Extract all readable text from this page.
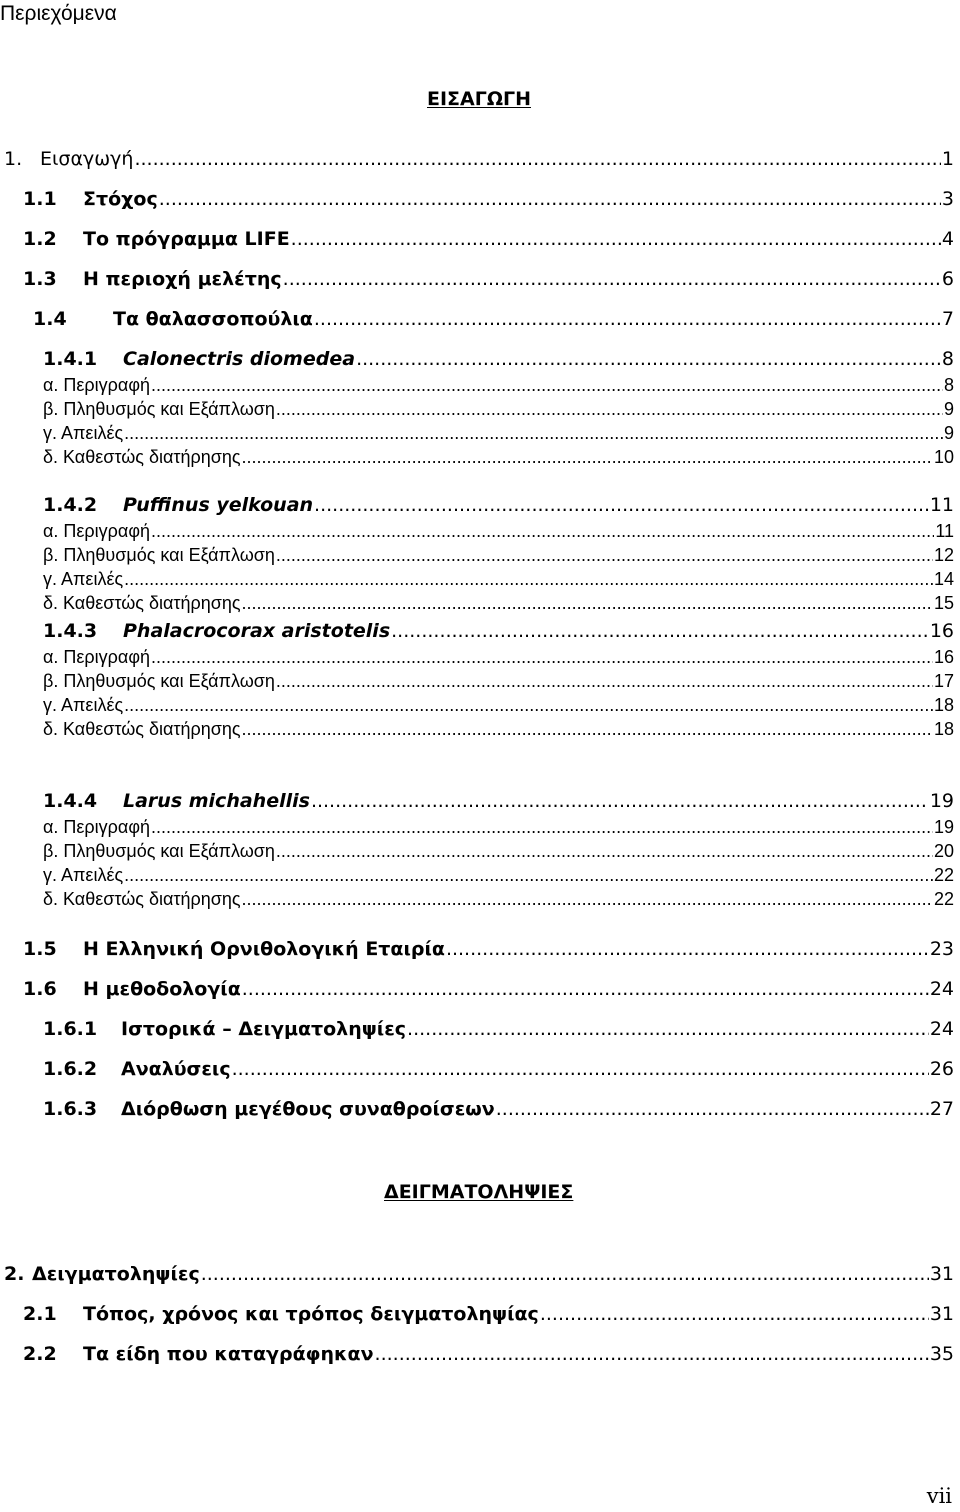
Περιεχόμενα
ΕΙΣΑΓΩΓΗ
1. Εισαγωγή .....	1
1.1	Στόχος .....	3
1.2	Το πρόγραμμα LIFE .....	4
1.3	Η περιοχή μελέτης .....	6
1.4	Τα θαλασσοπούλια .....	7
1.4.1	Calonectris diomedea .....	8
α. Περιγραφή .....	8
β. Πληθυσμός και Εξάπλωση .....	9
γ. Απειλές .....	9
δ. Καθεστώς διατήρησης .....	10
1.4.2	Puffinus yelkouan .....	11
α. Περιγραφή .....	11
β. Πληθυσμός και Εξάπλωση .....	12
γ. Απειλές .....	14
δ. Καθεστώς διατήρησης .....	15
1.4.3	Phalacrocorax aristotelis .....	16
α. Περιγραφή .....	16
β. Πληθυσμός και Εξάπλωση .....	17
γ. Απειλές .....	18
δ. Καθεστώς διατήρησης .....	18
1.4.4	Larus michahellis .....	19
α. Περιγραφή .....	19
β. Πληθυσμός και Εξάπλωση .....	20
γ. Απειλές .....	22
δ. Καθεστώς διατήρησης .....	22
1.5	Η Ελληνική Ορνιθολογική Εταιρία .....	23
1.6	Η μεθοδολογία .....	24
1.6.1	Ιστορικά – Δειγματοληψίες .....	24
1.6.2	Αναλύσεις .....	26
1.6.3	Διόρθωση μεγέθους συναθροίσεων .....	27
ΔΕΙΓΜΑΤΟΛΗΨΙΕΣ
2. Δειγματοληψίες .....	31
2.1	Τόπος, χρόνος και τρόπος δειγματοληψίας .....	31
2.2	Τα είδη που καταγράφηκαν .....	35
vii
